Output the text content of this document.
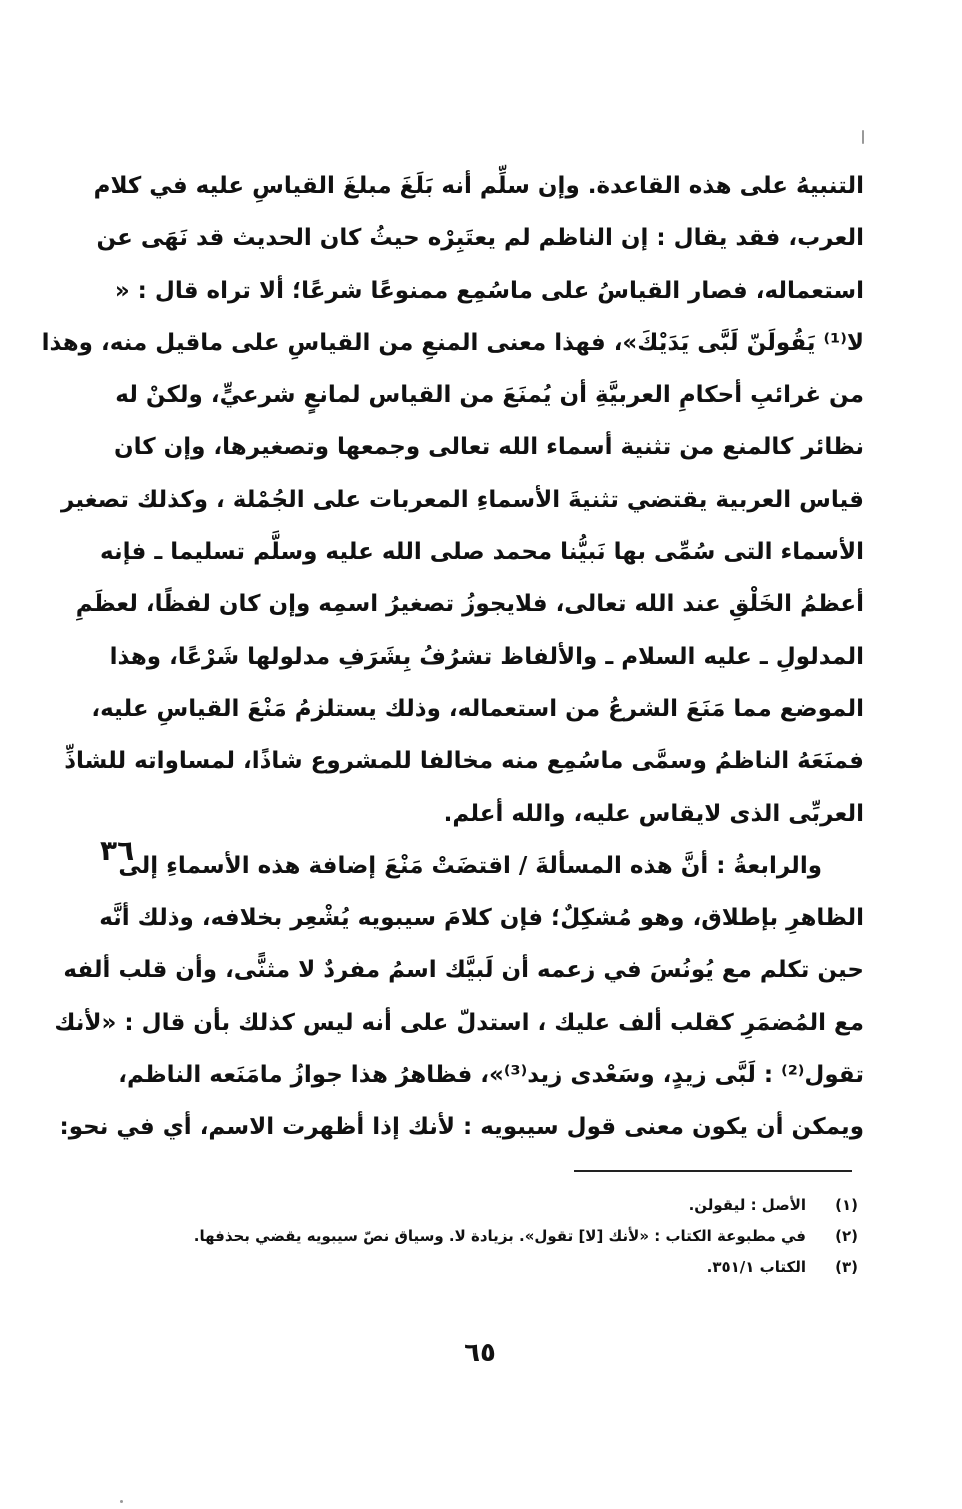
التنبيهُ على هذه القاعدة. وإن سلِّم أنه بَلَغَ مبلغَ القياسِ عليه في كلام
العرب، فقد يقال : إن الناظم لم يعتَبِرْه حيثُ كان الحديث قد نَهَى عن
استعماله، فصار القياسُ على ماسُمِع ممنوعًا شرعًا؛ ألا تراه قال : «
لا⁽¹⁾ يَقُولَنّ لَبَّى يَدَيْكَ»، فهذا معنى المنعِ من القياسِ على ماقيل منه، وهذا
من غرائبِ أحكامِ العربيَّةِ أن يُمنَعَ من القياس لمانعٍ شرعيٍّ، ولكنْ له
نظائر كالمنع من تثنية أسماء الله تعالى وجمعها وتصغيرها، وإن كان
قياس العربية يقتضي تثنيةَ الأسماءِ المعربات على الجُمْلة ، وكذلك تصغير
الأسماء التى سُمِّى بها نَبيُّنا محمد صلى الله عليه وسلَّم تسليما ـ فإنه
أعظمُ الخَلْقِ عند الله تعالى، فلايجوزُ تصغيرُ اسمِه وإن كان لفظًا، لعظَمِ
المدلولِ ـ عليه السلام ـ والألفاظ تشرُفُ بِشَرَفِ مدلولها شَرْعًا، وهذا
الموضع مما مَنَعَ الشرعُ من استعماله، وذلك يستلزمُ مَنْعَ القياسِ عليه،
فمنَعَهُ الناظمُ وسمَّى ماسُمِع منه مخالفا للمشروع شاذًا، لمساواته للشاذِّ
العربِّى الذى لايقاس عليه، والله أعلم.
والرابعةُ : أنَّ هذه المسألةَ / اقتضَتْ مَنْعَ إضافة هذه الأسماءِ إلى
الظاهرِ بإطلاق، وهو مُشكِلٌ؛ فإن كلامَ سيبويه يُشْعِر بخلافه، وذلك أنَّه
حين تكلم مع يُونُسَ في زعمه أن لَبيَّك اسمُ مفردٌ لا مثنًّى، وأن قلب ألفه
مع المُضمَرِ كقلب ألف عليك ، استدلّ على أنه ليس كذلك بأن قال : «لأنك
تقول⁽²⁾ : لَبَّى زيدٍ، وسَعْدى زيد⁽³⁾»، فظاهرُ هذا جوازُ مامَنَعه الناظم،
ويمكن أن يكون معنى قول سيبويه : لأنك إذا أظهرت الاسم، أي في نحو:
٣٦
(١)
الأصل : ليقولن.
(٢)
في مطبوعة الكتاب : «لأنك [لا] تقول». بزيادة لا. وسياق نصّ سيبويه يقضي بحذفها.
(٣)
الكتاب ٣٥١/١.
٦٥
